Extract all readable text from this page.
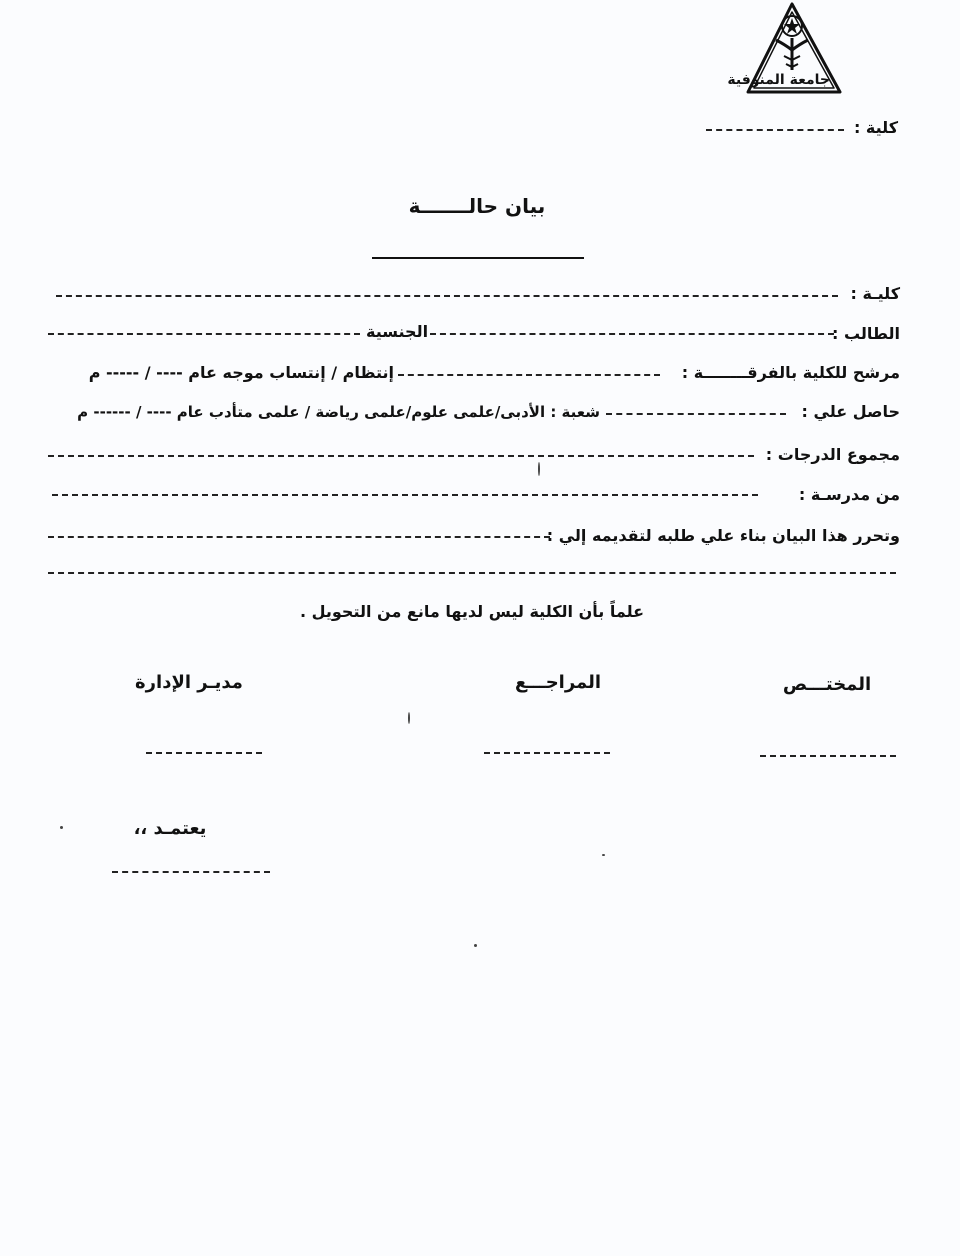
جامعة المنوفية
كلية :
بيان حالـــــــة
كليـة :
الطالب :
الجنسية
مرشح للكلية بالفرقــــــــة :
إنتظام / إنتساب موجه عام ---- / ----- م
حاصل علي :
شعبة : الأدبى/علمى علوم/علمى رياضة / علمى متأدب عام ---- / ------ م
مجموع الدرجات :
من مدرسـة :
وتحرر هذا البيان بناء علي طلبه لتقديمه إلي :
علماً بأن الكلية ليس لديها مانع من التحويل .
المختـــص
المراجـــع
مديـر الإدارة
يعتمـد ،،
